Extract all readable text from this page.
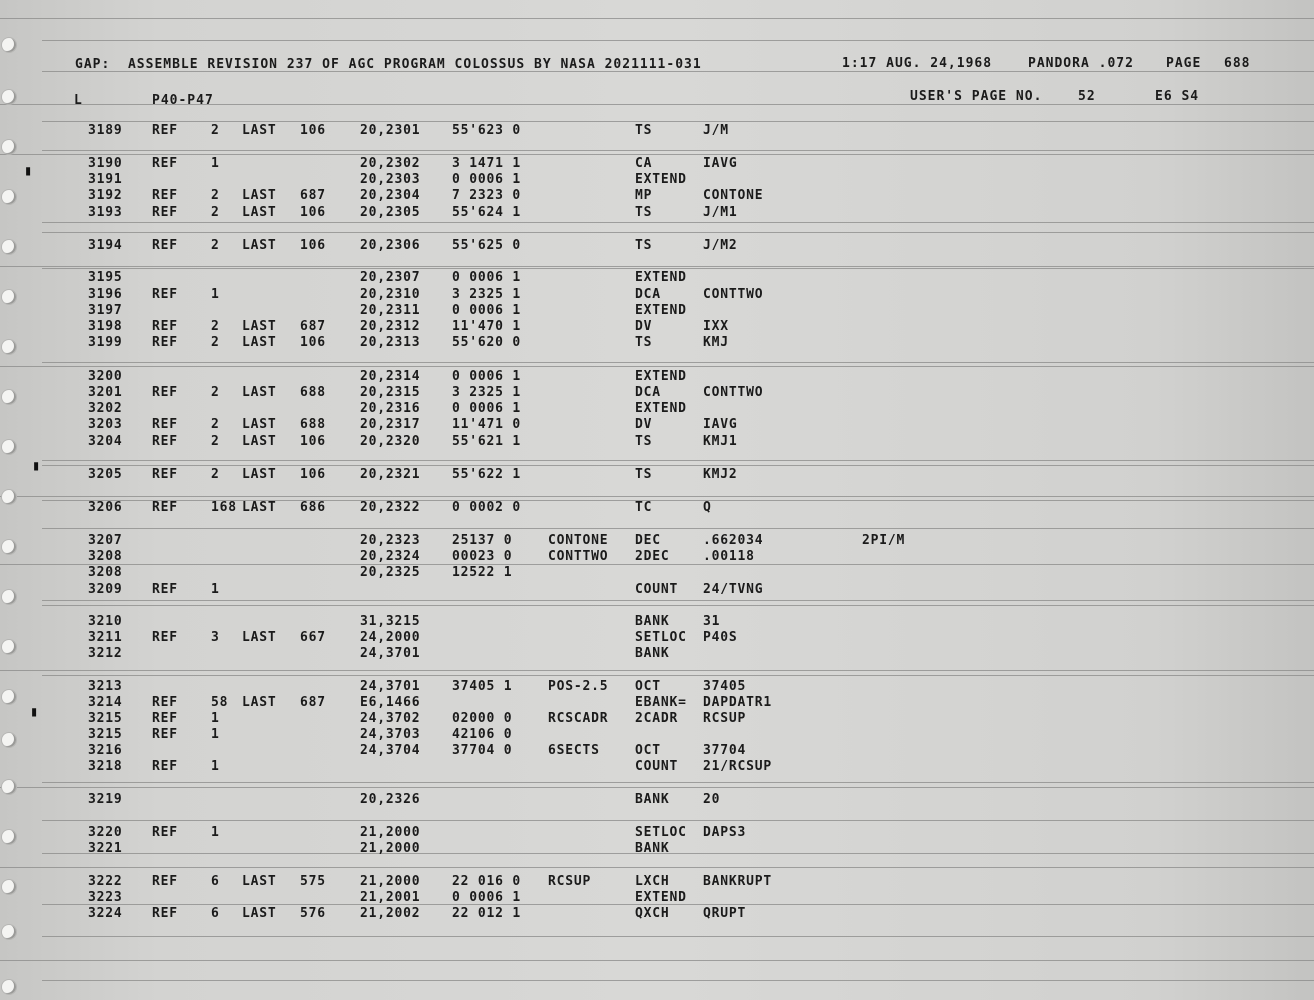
▮
▮
▮
GAP:  ASSEMBLE REVISION 237 OF AGC PROGRAM COLOSSUS BY NASA 2021111-031	1:17 AUG. 24,1968	PANDORA .072 PAGE 688
L	P40-P47	USER'S PAGE NO.	52	E6 S4
3189 REF	2 LAST 106	20,2301 55'623 0	TS	J/M
3190 REF	1	20,2302 3 1471 1	CA	IAVG
3191	20,2303 0 0006 1	EXTEND
3192 REF	2 LAST 687	20,2304 7 2323 0	MP	CONTONE
3193 REF	2 LAST 106	20,2305 55'624 1	TS	J/M1
3194 REF	2 LAST 106	20,2306 55'625 0	TS	J/M2
3195	20,2307 0 0006 1	EXTEND
3196 REF	1	20,2310 3 2325 1	DCA	CONTTWO
3197	20,2311 0 0006 1	EXTEND
3198 REF	2 LAST 687	20,2312 11'470 1	DV	IXX
3199 REF	2 LAST 106	20,2313 55'620 0	TS	KMJ
3200	20,2314 0 0006 1	EXTEND
3201 REF	2 LAST 688	20,2315 3 2325 1	DCA	CONTTWO
3202	20,2316 0 0006 1	EXTEND
3203 REF	2 LAST 688	20,2317 11'471 0	DV	IAVG
3204 REF	2 LAST 106	20,2320 55'621 1	TS	KMJ1
3205 REF	2 LAST 106	20,2321 55'622 1	TS	KMJ2
3206 REF	168 LAST 686	20,2322 0 0002 0	TC	Q
3207	20,2323 25137 0	CONTONE DEC	.662034	2PI/M
3208	20,2324 00023 0	CONTTWO 2DEC	.00118
3208	20,2325 12522 1
3209 REF	1	COUNT 24/TVNG
3210	31,3215	BANK	31
3211 REF	3 LAST 667	24,2000	SETLOC P40S
3212	24,3701	BANK
3213	24,3701 37405 1	POS-2.5 OCT	37405
3214 REF	58 LAST 687	E6,1466	EBANK= DAPDATR1
3215 REF	1	24,3702 02000 0	RCSCADR 2CADR RCSUP
3215 REF	1	24,3703 42106 0
3216	24,3704 37704 0	6SECTS	OCT	37704
3218 REF	1	COUNT 21/RCSUP
3219	20,2326	BANK	20
3220 REF	1	21,2000	SETLOC DAPS3
3221	21,2000	BANK
3222 REF	6 LAST 575	21,2000 22 016 0 RCSUP	LXCH	BANKRUPT
3223	21,2001 0 0006 1	EXTEND
3224 REF	6 LAST 576	21,2002 22 012 1	QXCH	QRUPT
